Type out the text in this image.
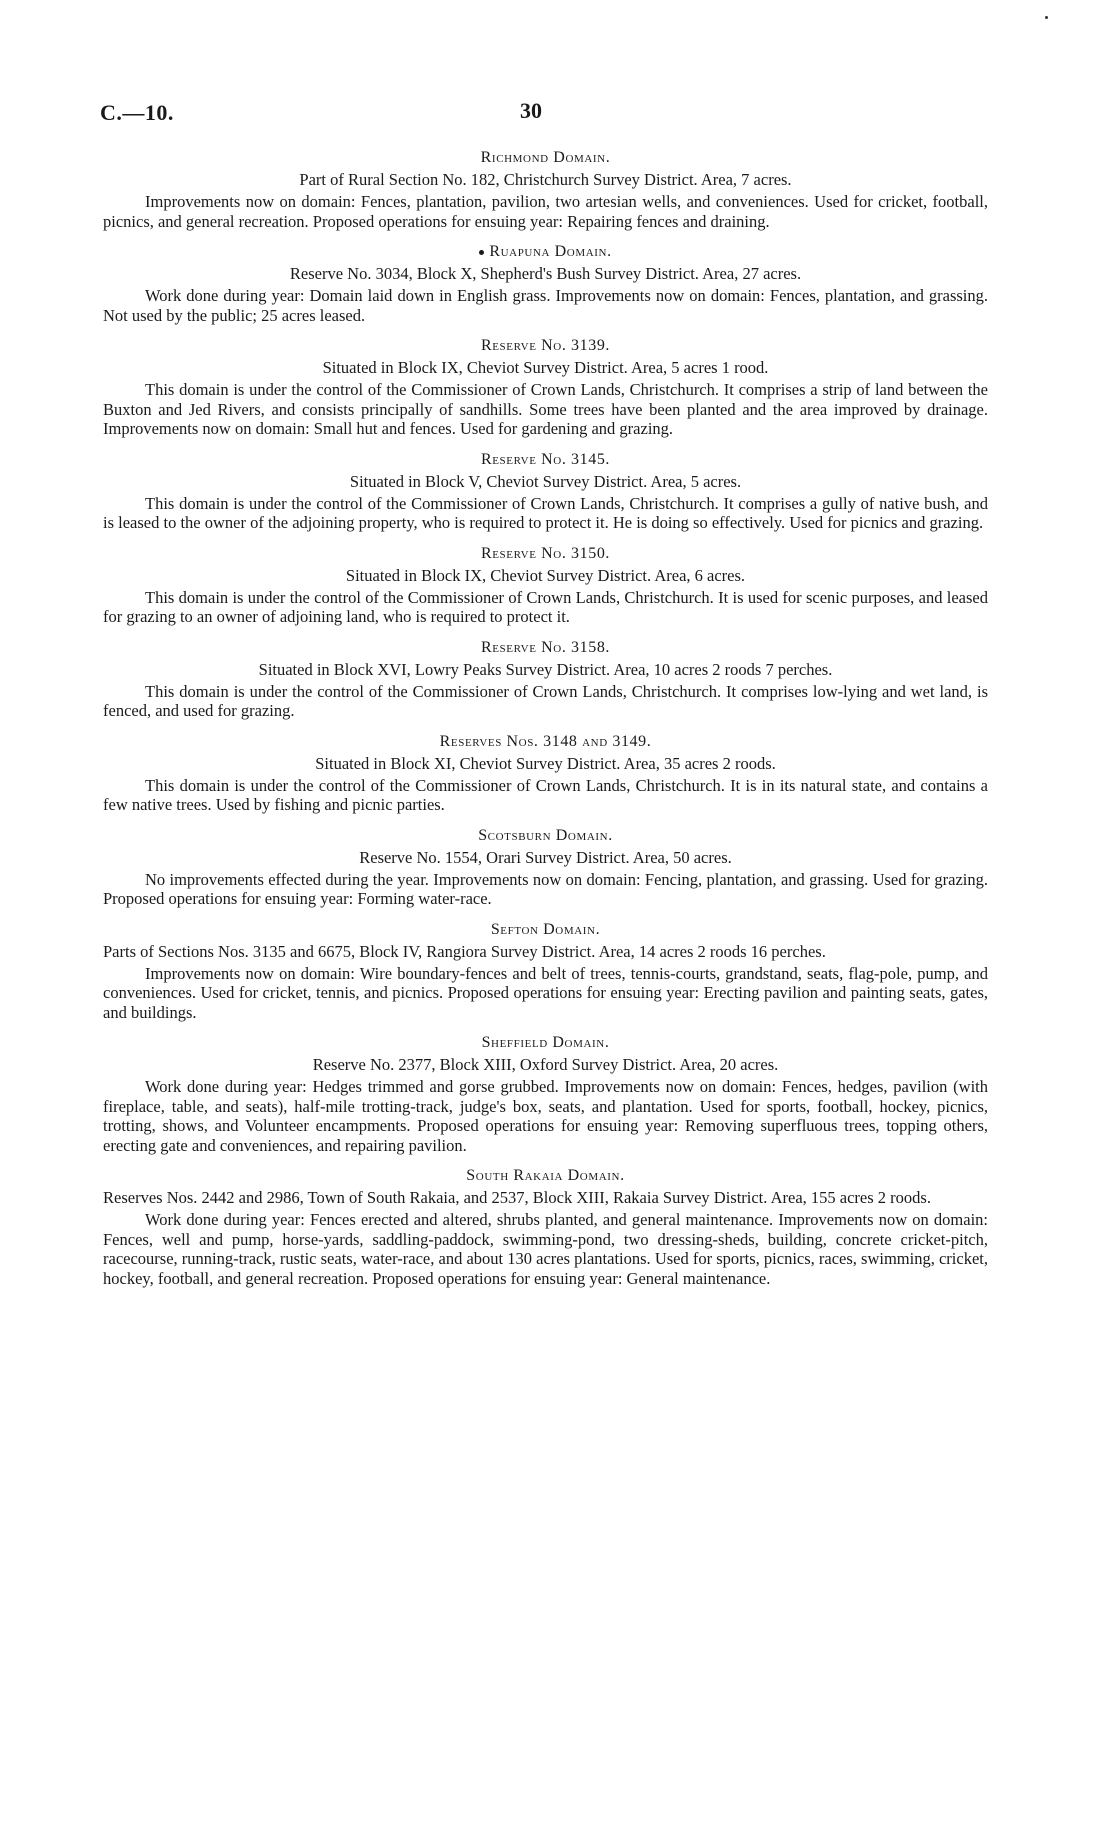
C.—10.	30
Richmond Domain.
Part of Rural Section No. 182, Christchurch Survey District. Area, 7 acres.

Improvements now on domain: Fences, plantation, pavilion, two artesian wells, and conveniences. Used for cricket, football, picnics, and general recreation. Proposed operations for ensuing year: Repairing fences and draining.

Ruapuna Domain.
Reserve No. 3034, Block X, Shepherd's Bush Survey District. Area, 27 acres.

Work done during year: Domain laid down in English grass. Improvements now on domain: Fences, plantation, and grassing. Not used by the public; 25 acres leased.

Reserve No. 3139.
Situated in Block IX, Cheviot Survey District. Area, 5 acres 1 rood.

This domain is under the control of the Commissioner of Crown Lands, Christchurch. It comprises a strip of land between the Buxton and Jed Rivers, and consists principally of sandhills. Some trees have been planted and the area improved by drainage. Improvements now on domain: Small hut and fences. Used for gardening and grazing.

Reserve No. 3145.
Situated in Block V, Cheviot Survey District. Area, 5 acres.

This domain is under the control of the Commissioner of Crown Lands, Christchurch. It comprises a gully of native bush, and is leased to the owner of the adjoining property, who is required to protect it. He is doing so effectively. Used for picnics and grazing.

Reserve No. 3150.
Situated in Block IX, Cheviot Survey District. Area, 6 acres.

This domain is under the control of the Commissioner of Crown Lands, Christchurch. It is used for scenic purposes, and leased for grazing to an owner of adjoining land, who is required to protect it.

Reserve No. 3158.
Situated in Block XVI, Lowry Peaks Survey District. Area, 10 acres 2 roods 7 perches.

This domain is under the control of the Commissioner of Crown Lands, Christchurch. It comprises low-lying and wet land, is fenced, and used for grazing.

Reserves Nos. 3148 and 3149.
Situated in Block XI, Cheviot Survey District. Area, 35 acres 2 roods.

This domain is under the control of the Commissioner of Crown Lands, Christchurch. It is in its natural state, and contains a few native trees. Used by fishing and picnic parties.

Scotsburn Domain.
Reserve No. 1554, Orari Survey District. Area, 50 acres.

No improvements effected during the year. Improvements now on domain: Fencing, plantation, and grassing. Used for grazing. Proposed operations for ensuing year: Forming water-race.

Sefton Domain.
Parts of Sections Nos. 3135 and 6675, Block IV, Rangiora Survey District. Area, 14 acres 2 roods 16 perches.

Improvements now on domain: Wire boundary-fences and belt of trees, tennis-courts, grandstand, seats, flag-pole, pump, and conveniences. Used for cricket, tennis, and picnics. Proposed operations for ensuing year: Erecting pavilion and painting seats, gates, and buildings.

Sheffield Domain.
Reserve No. 2377, Block XIII, Oxford Survey District. Area, 20 acres.

Work done during year: Hedges trimmed and gorse grubbed. Improvements now on domain: Fences, hedges, pavilion (with fireplace, table, and seats), half-mile trotting-track, judge's box, seats, and plantation. Used for sports, football, hockey, picnics, trotting, shows, and Volunteer encampments. Proposed operations for ensuing year: Removing superfluous trees, topping others, erecting gate and conveniences, and repairing pavilion.

South Rakaia Domain.
Reserves Nos. 2442 and 2986, Town of South Rakaia, and 2537, Block XIII, Rakaia Survey District. Area, 155 acres 2 roods.

Work done during year: Fences erected and altered, shrubs planted, and general maintenance. Improvements now on domain: Fences, well and pump, horse-yards, saddling-paddock, swimming-pond, two dressing-sheds, building, concrete cricket-pitch, racecourse, running-track, rustic seats, water-race, and about 130 acres plantations. Used for sports, picnics, races, swimming, cricket, hockey, football, and general recreation. Proposed operations for ensuing year: General maintenance.
